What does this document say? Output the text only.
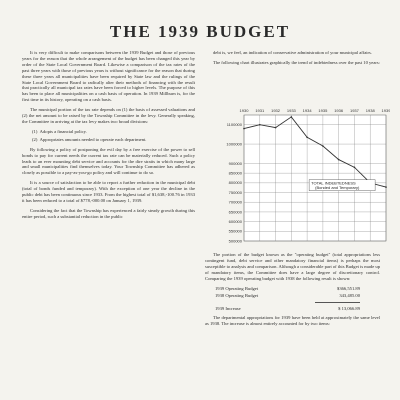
THE 1939 BUDGET

It is very difficult to make comparisons between the 1939 Budget and those of previous years for the reason that the whole arrangement of the budget has been changed this year by order of the State Local Government Board. Likewise a comparison of the tax rates of the past three years with those of previous years is without significance for the reason that during these three years all municipalities have been required by State law and the rulings of the State Local Government Board to radically alter their methods of financing with the result that practically all municipal tax rates have been forced to higher levels. The purpose of this has been to place all municipalities on a cash basis of operation. In 1939 Millburn is, for the first time in its history, operating on a cash basis.

The municipal portion of the tax rate depends on (1) the basis of assessed valuations and (2) the net amount to be raised by the Township Committee in the levy. Generally speaking, the Committee in arriving at the tax levy makes two broad divisions:

(1)  Adopts a financial policy.
(2)  Appropriates amounts needed to operate each department.

By following a policy of postponing the evil day by a free exercise of the power to sell bonds to pay for current needs the current tax rate can be materially reduced. Such a policy leads to an ever mounting debt service and accounts for the dire straits in which many large and small municipalities find themselves today. Your Township Committee has adhered as closely as possible to a pay-as-you-go policy and will continue to do so.

It is a source of satisfaction to be able to report a further reduction in the municipal debt (total of bonds funded and temporary). With the exception of one year the decline in the public debt has been continuous since 1933. From the highest total of $1,638,-100.76 in 1933 it has been reduced to a total of $778,-000.00 on January 1, 1939.

Considering the fact that the Township has experienced a fairly steady growth during this entire period, such a substantial reduction in the public

debt is, we feel, an indication of conservative administration of your municipal affairs.

The following chart illustrates graphically the trend of indebtedness over the past 10 years:

1930 1931 1932 1933 1934 1935 1936 1937 1938 1939
1100000
1000000
900000
850000
800000
750000
700000
650000
600000
550000
500000
TOTAL INDEBTEDNESS
(Bonded and Temporary)

The portion of the budget known as the "operating budget" (total appropriations less contingent fund, debt service and other mandatory financial items) is perhaps the most susceptible to analysis and comparison. Although a considerable part of this Budget is made up of mandatory items, the Committee does have a large degree of discretionary control. Comparing the 1939 operating budget with 1938 the following result is shown:

1939 Operating Budget	$366,551.89
1938 Operating Budget	343,485.00
1939 Increase	$ 13,066.89

The departmental appropriations for 1939 have been held at approximately the same level as 1938. The increase is almost entirely accounted for by two items:
